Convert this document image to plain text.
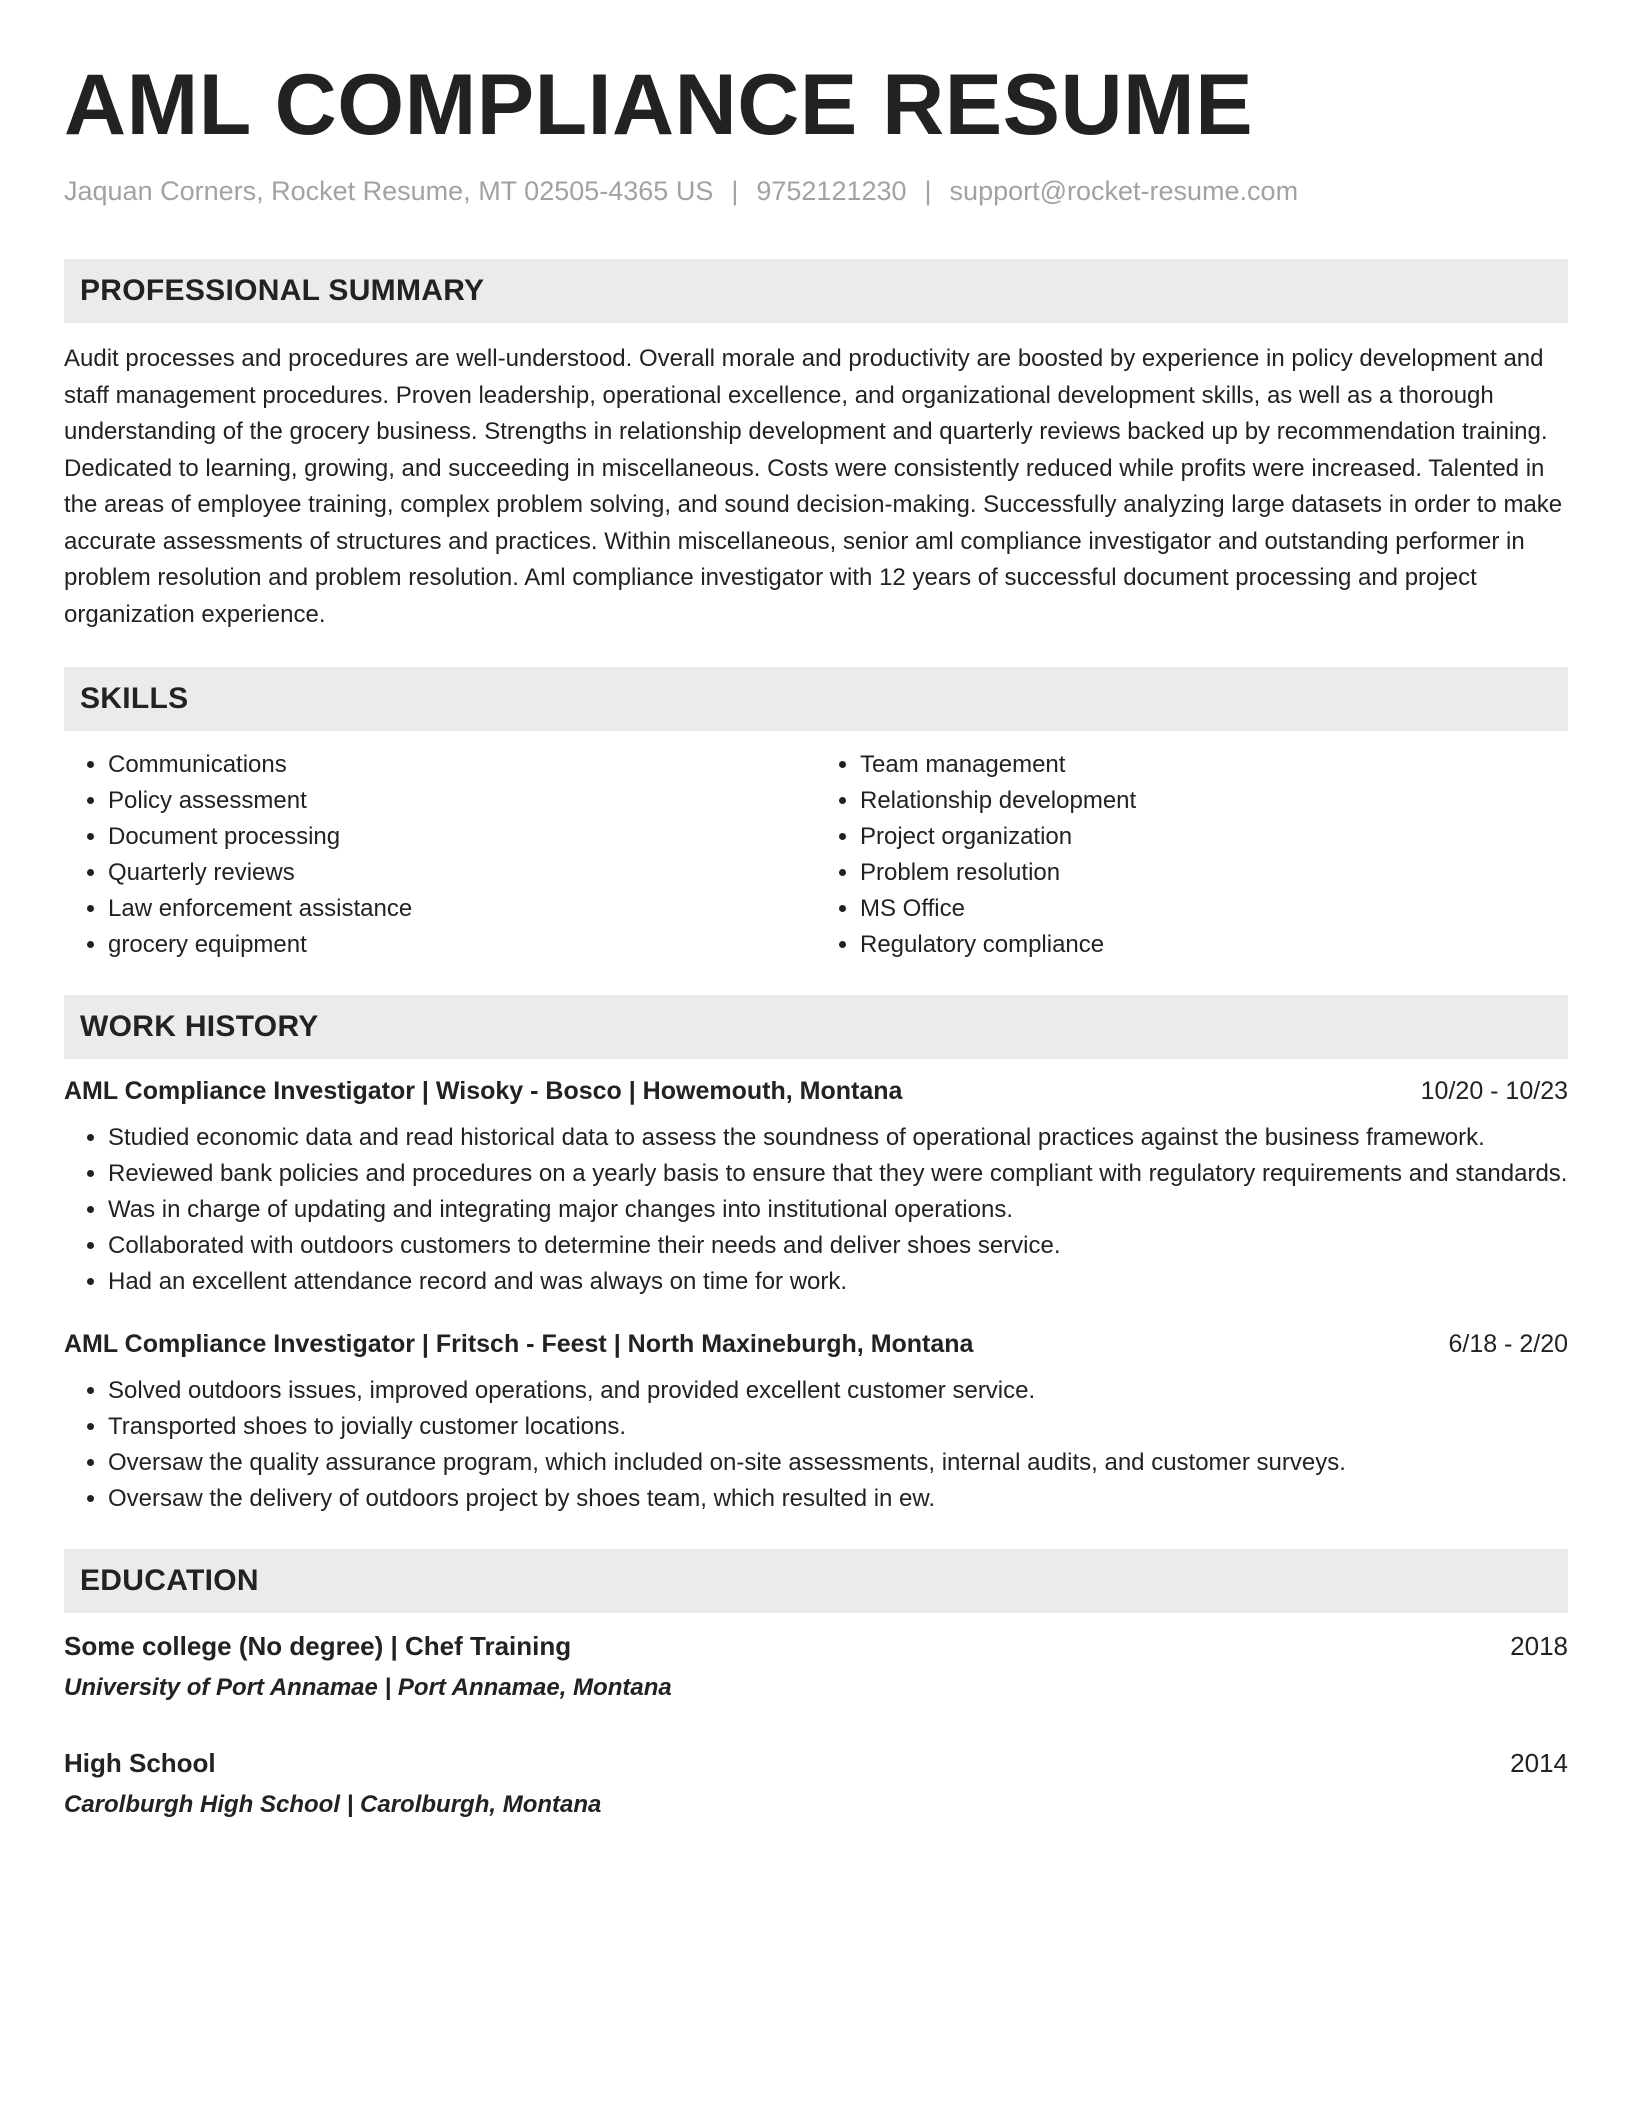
AML COMPLIANCE RESUME
Jaquan Corners, Rocket Resume, MT 02505-4365 US | 9752121230 | support@rocket-resume.com
PROFESSIONAL SUMMARY

Audit processes and procedures are well-understood. Overall morale and productivity are boosted by experience in policy development and staff management procedures. Proven leadership, operational excellence, and organizational development skills, as well as a thorough understanding of the grocery business. Strengths in relationship development and quarterly reviews backed up by recommendation training. Dedicated to learning, growing, and succeeding in miscellaneous. Costs were consistently reduced while profits were increased. Talented in the areas of employee training, complex problem solving, and sound decision-making. Successfully analyzing large datasets in order to make accurate assessments of structures and practices. Within miscellaneous, senior aml compliance investigator and outstanding performer in problem resolution and problem resolution. Aml compliance investigator with 12 years of successful document processing and project organization experience.

SKILLS
• Communications
• Policy assessment
• Document processing
• Quarterly reviews
• Law enforcement assistance
• grocery equipment
• Team management
• Relationship development
• Project organization
• Problem resolution
• MS Office
• Regulatory compliance
WORK HISTORY
AML Compliance Investigator | Wisoky - Bosco | Howemouth, Montana	10/20 - 10/23
• Studied economic data and read historical data to assess the soundness of operational practices against the business framework.
• Reviewed bank policies and procedures on a yearly basis to ensure that they were compliant with regulatory requirements and standards.
• Was in charge of updating and integrating major changes into institutional operations.
• Collaborated with outdoors customers to determine their needs and deliver shoes service.
• Had an excellent attendance record and was always on time for work.
AML Compliance Investigator | Fritsch - Feest | North Maxineburgh, Montana	6/18 - 2/20
• Solved outdoors issues, improved operations, and provided excellent customer service.
• Transported shoes to jovially customer locations.
• Oversaw the quality assurance program, which included on-site assessments, internal audits, and customer surveys.
• Oversaw the delivery of outdoors project by shoes team, which resulted in ew.
EDUCATION
Some college (No degree) | Chef Training	2018
University of Port Annamae | Port Annamae, Montana
High School	2014
Carolburgh High School | Carolburgh, Montana
